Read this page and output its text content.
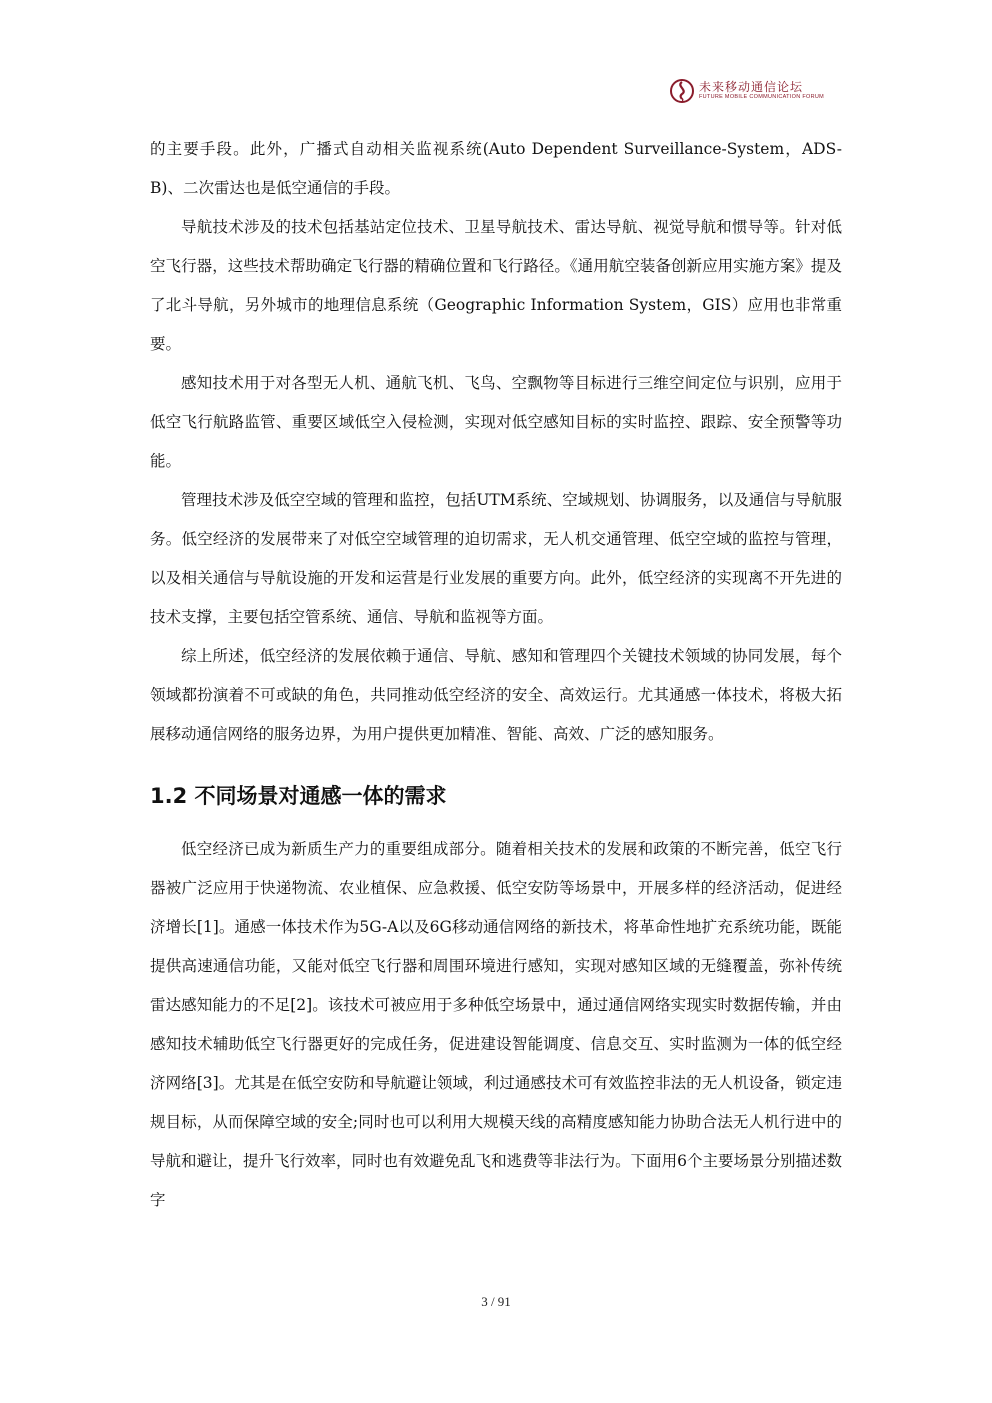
未来移动通信论坛
FUTURE MOBILE COMMUNICATION FORUM

的主要手段。此外，广播式自动相关监视系统(Auto Dependent Surveillance-System，ADS-B)、二次雷达也是低空通信的手段。

导航技术涉及的技术包括基站定位技术、卫星导航技术、雷达导航、视觉导航和惯导等。针对低空飞行器，这些技术帮助确定飞行器的精确位置和飞行路径。《通用航空装备创新应用实施方案》提及了北斗导航，另外城市的地理信息系统（Geographic Information System，GIS）应用也非常重要。

感知技术用于对各型无人机、通航飞机、飞鸟、空飘物等目标进行三维空间定位与识别，应用于低空飞行航路监管、重要区域低空入侵检测，实现对低空感知目标的实时监控、跟踪、安全预警等功能。

管理技术涉及低空空域的管理和监控，包括UTM系统、空域规划、协调服务，以及通信与导航服务。低空经济的发展带来了对低空空域管理的迫切需求，无人机交通管理、低空空域的监控与管理，以及相关通信与导航设施的开发和运营是行业发展的重要方向。此外，低空经济的实现离不开先进的技术支撑，主要包括空管系统、通信、导航和监视等方面。

综上所述，低空经济的发展依赖于通信、导航、感知和管理四个关键技术领域的协同发展，每个领域都扮演着不可或缺的角色，共同推动低空经济的安全、高效运行。尤其通感一体技术，将极大拓展移动通信网络的服务边界，为用户提供更加精准、智能、高效、广泛的感知服务。

1.2 不同场景对通感一体的需求

低空经济已成为新质生产力的重要组成部分。随着相关技术的发展和政策的不断完善，低空飞行器被广泛应用于快递物流、农业植保、应急救援、低空安防等场景中，开展多样的经济活动，促进经济增长[1]。通感一体技术作为5G-A以及6G移动通信网络的新技术，将革命性地扩充系统功能，既能提供高速通信功能，又能对低空飞行器和周围环境进行感知，实现对感知区域的无缝覆盖，弥补传统雷达感知能力的不足[2]。该技术可被应用于多种低空场景中，通过通信网络实现实时数据传输，并由感知技术辅助低空飞行器更好的完成任务，促进建设智能调度、信息交互、实时监测为一体的低空经济网络[3]。尤其是在低空安防和导航避让领域，利过通感技术可有效监控非法的无人机设备，锁定违规目标，从而保障空域的安全;同时也可以利用大规模天线的高精度感知能力协助合法无人机行进中的导航和避让，提升飞行效率，同时也有效避免乱飞和逃费等非法行为。下面用6个主要场景分别描述数字

3 / 91
